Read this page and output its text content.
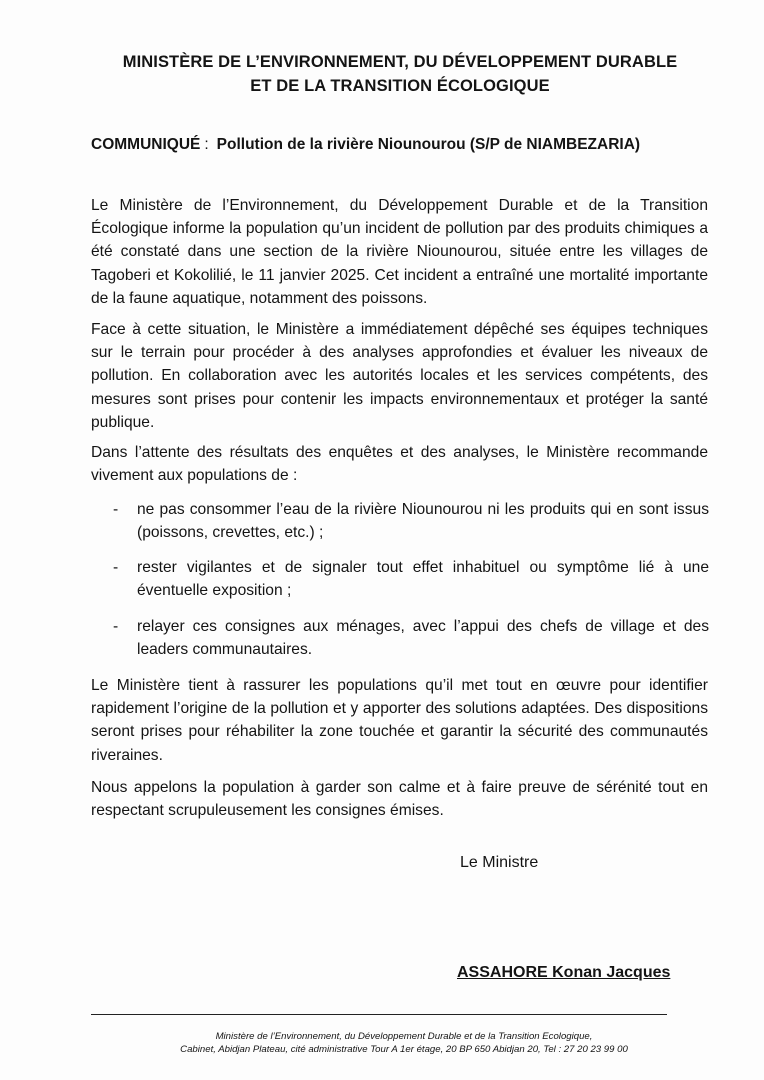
MINISTÈRE DE L’ENVIRONNEMENT, DU DÉVELOPPEMENT DURABLE
ET DE LA TRANSITION ÉCOLOGIQUE
COMMUNIQUÉ : Pollution de la rivière Niounourou (S/P de NIAMBEZARIA)

Le Ministère de l’Environnement, du Développement Durable et de la Transition Écologique informe la population qu’un incident de pollution par des produits chimiques a été constaté dans une section de la rivière Niounourou, située entre les villages de Tagoberi et Kokolilié, le 11 janvier 2025. Cet incident a entraîné une mortalité importante de la faune aquatique, notamment des poissons.

Face à cette situation, le Ministère a immédiatement dépêché ses équipes techniques sur le terrain pour procéder à des analyses approfondies et évaluer les niveaux de pollution. En collaboration avec les autorités locales et les services compétents, des mesures sont prises pour contenir les impacts environnementaux et protéger la santé publique.

Dans l’attente des résultats des enquêtes et des analyses, le Ministère recommande vivement aux populations de :

- ne pas consommer l’eau de la rivière Niounourou ni les produits qui en sont issus (poissons, crevettes, etc.) ;
- rester vigilantes et de signaler tout effet inhabituel ou symptôme lié à une éventuelle exposition ;
- relayer ces consignes aux ménages, avec l’appui des chefs de village et des leaders communautaires.

Le Ministère tient à rassurer les populations qu’il met tout en œuvre pour identifier rapidement l’origine de la pollution et y apporter des solutions adaptées. Des dispositions seront prises pour réhabiliter la zone touchée et garantir la sécurité des communautés riveraines.

Nous appelons la population à garder son calme et à faire preuve de sérénité tout en respectant scrupuleusement les consignes émises.

Le Ministre
ASSAHORE Konan Jacques
Ministère de l’Environnement, du Développement Durable et de la Transition Ecologique,
Cabinet, Abidjan Plateau, cité administrative Tour A 1er étage, 20 BP 650 Abidjan 20, Tel : 27 20 23 99 00
